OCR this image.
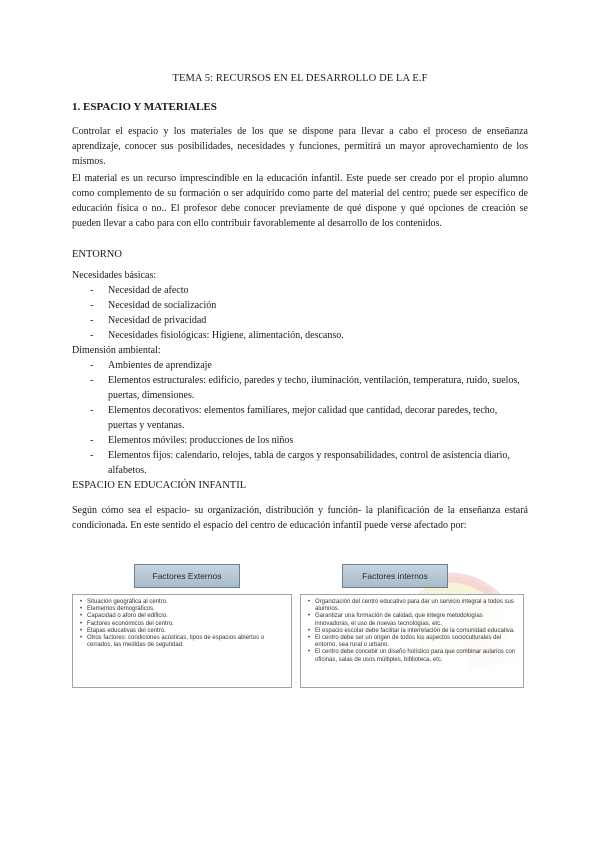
TEMA 5: RECURSOS EN EL DESARROLLO DE LA E.F
1. ESPACIO Y MATERIALES
Controlar el espacio y los materiales de los que se dispone para llevar a cabo el proceso de enseñanza aprendizaje, conocer sus posibilidades, necesidades y funciones, permitirá un mayor aprovechamiento de los mismos.
El material es un recurso imprescindible en la educación infantil. Este puede ser creado por el propio alumno como complemento de su formación o ser adquirido como parte del material del centro; puede ser específico de educación física o no.. El profesor debe conocer previamente de qué dispone y qué opciones de creación se pueden llevar a cabo para con ello contribuir favorablemente al desarrollo de los contenidos.
ENTORNO
Necesidades básicas:
- Necesidad de afecto
- Necesidad de socialización
- Necesidad de privacidad
- Necesidades fisiológicas: Higiene, alimentación, descanso.
Dimensión ambiental:
- Ambientes de aprendizaje
- Elementos estructurales: edificio, paredes y techo, iluminación, ventilación, temperatura, ruido, suelos, puertas, dimensiones.
- Elementos decorativos: elementos familiares, mejor calidad que cantidad, decorar paredes, techo, puertas y ventanas.
- Elementos móviles: producciones de los niños
- Elementos fijos: calendario, relojes, tabla de cargos y responsabilidades, control de asistencia diario, alfabetos.
ESPACIO EN EDUCACIÓN INFANTIL
Según cómo sea el espacio- su organización, distribución y función- la planificación de la enseñanza estará condicionada. En este sentido el espacio del centro de educación infantil puede verse afectado por:
Factores Externos	Factores internos
• Situación geográfica al centro.
• Elementos demográficos.
• Capacidad o aforo del edificio.
• Factores económicos del centro.
• Etapas educativas del centro.
• Otros factores: condiciones acústicas, tipos de espacios abiertos o cerrados, las medidas de seguridad.
• Organización del centro educativo para dar un servicio integral a todos sus alumnos.
• Garantizar una formación de calidad, que integre metodologías innovadoras, el uso de nuevas tecnologías, etc.
• El espacio escolar debe facilitar la interrelación de la comunidad educativa.
• El centro debe ser un origen de todos los aspectos socioculturales del entorno, sea rural o urbano.
• El centro debe concebir un diseño holístico para que combinar aularios con oficinas, salas de usos múltiples, biblioteca, etc.
